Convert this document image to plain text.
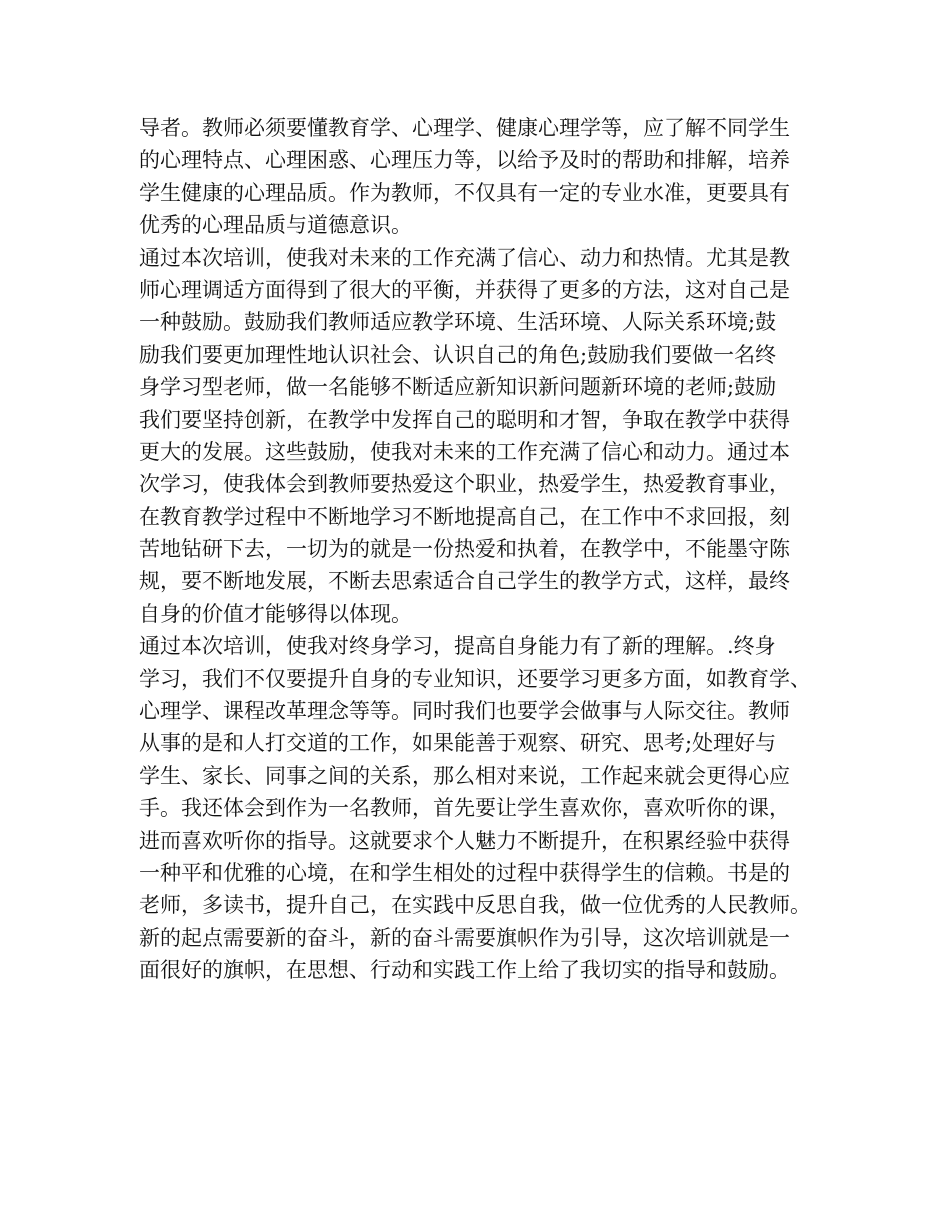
导者。教师必须要懂教育学、心理学、健康心理学等，应了解不同学生
的心理特点、心理困惑、心理压力等，以给予及时的帮助和排解，培养
学生健康的心理品质。作为教师，不仅具有一定的专业水准，更要具有
优秀的心理品质与道德意识。
通过本次培训，使我对未来的工作充满了信心、动力和热情。尤其是教
师心理调适方面得到了很大的平衡，并获得了更多的方法，这对自己是
一种鼓励。鼓励我们教师适应教学环境、生活环境、人际关系环境;鼓
励我们要更加理性地认识社会、认识自己的角色;鼓励我们要做一名终
身学习型老师，做一名能够不断适应新知识新问题新环境的老师;鼓励
我们要坚持创新，在教学中发挥自己的聪明和才智，争取在教学中获得
更大的发展。这些鼓励，使我对未来的工作充满了信心和动力。通过本
次学习，使我体会到教师要热爱这个职业，热爱学生，热爱教育事业，
在教育教学过程中不断地学习不断地提高自己，在工作中不求回报，刻
苦地钻研下去，一切为的就是一份热爱和执着，在教学中，不能墨守陈
规，要不断地发展，不断去思索适合自己学生的教学方式，这样，最终
自身的价值才能够得以体现。
通过本次培训，使我对终身学习，提高自身能力有了新的理解。.终身
学习，我们不仅要提升自身的专业知识，还要学习更多方面，如教育学、
心理学、课程改革理念等等。同时我们也要学会做事与人际交往。教师
从事的是和人打交道的工作，如果能善于观察、研究、思考;处理好与
学生、家长、同事之间的关系，那么相对来说，工作起来就会更得心应
手。我还体会到作为一名教师，首先要让学生喜欢你，喜欢听你的课，
进而喜欢听你的指导。这就要求个人魅力不断提升，在积累经验中获得
一种平和优雅的心境，在和学生相处的过程中获得学生的信赖。书是的
老师，多读书，提升自己，在实践中反思自我，做一位优秀的人民教师。
新的起点需要新的奋斗，新的奋斗需要旗帜作为引导，这次培训就是一
面很好的旗帜，在思想、行动和实践工作上给了我切实的指导和鼓励。
